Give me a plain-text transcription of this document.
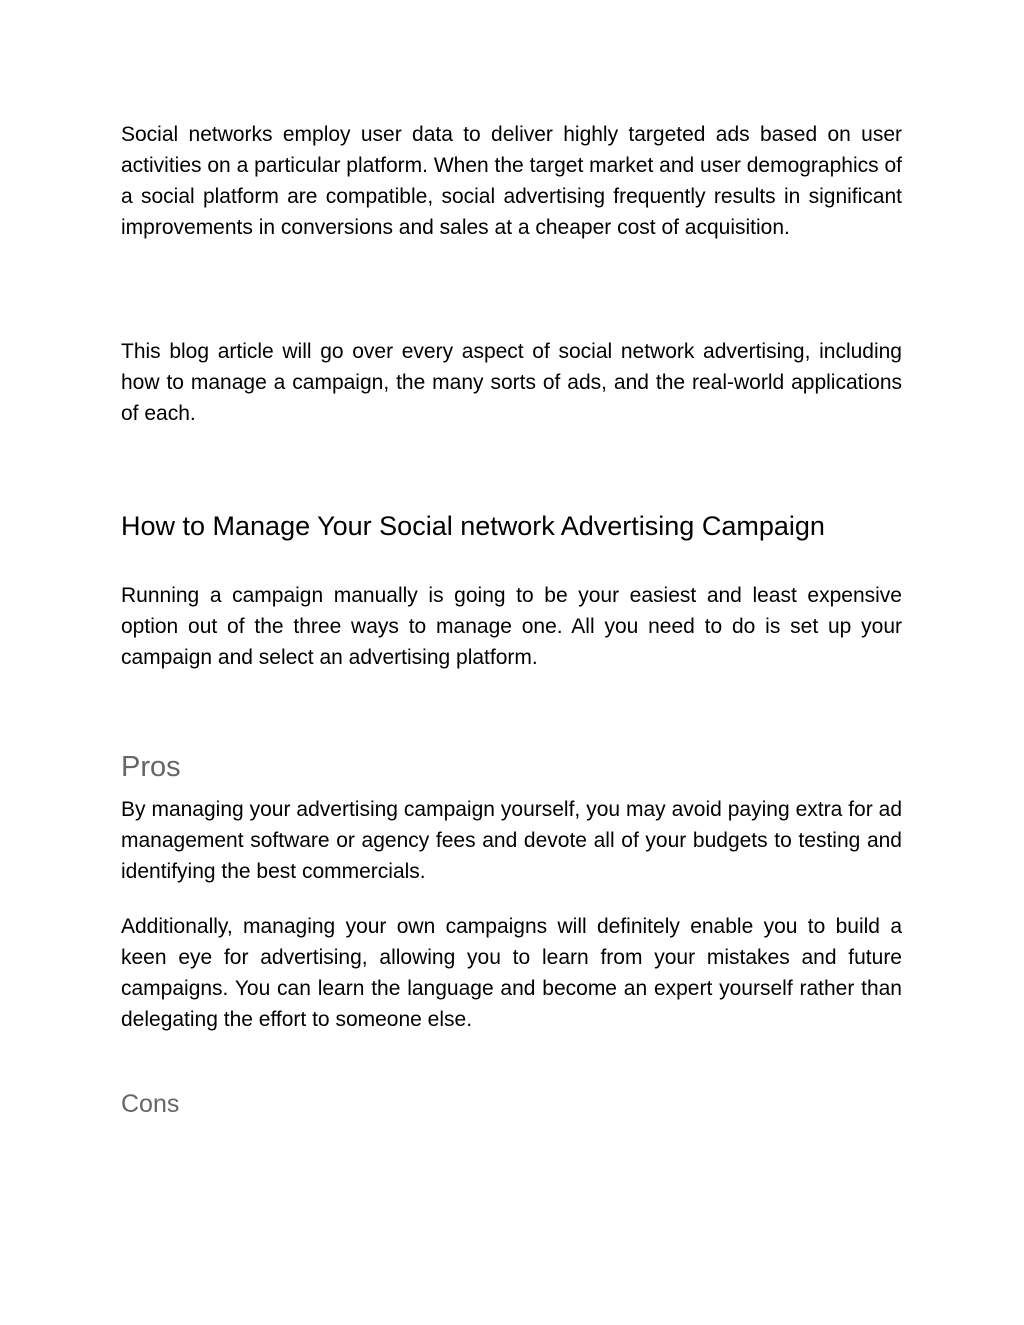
Social networks employ user data to deliver highly targeted ads based on user activities on a particular platform. When the target market and user demographics of a social platform are compatible, social advertising frequently results in significant improvements in conversions and sales at a cheaper cost of acquisition.

This blog article will go over every aspect of social network advertising, including how to manage a campaign, the many sorts of ads, and the real-world applications of each.

How to Manage Your Social network Advertising Campaign

Running a campaign manually is going to be your easiest and least expensive option out of the three ways to manage one. All you need to do is set up your campaign and select an advertising platform.

Pros

By managing your advertising campaign yourself, you may avoid paying extra for ad management software or agency fees and devote all of your budgets to testing and identifying the best commercials.

Additionally, managing your own campaigns will definitely enable you to build a keen eye for advertising, allowing you to learn from your mistakes and future campaigns. You can learn the language and become an expert yourself rather than delegating the effort to someone else.

Cons
